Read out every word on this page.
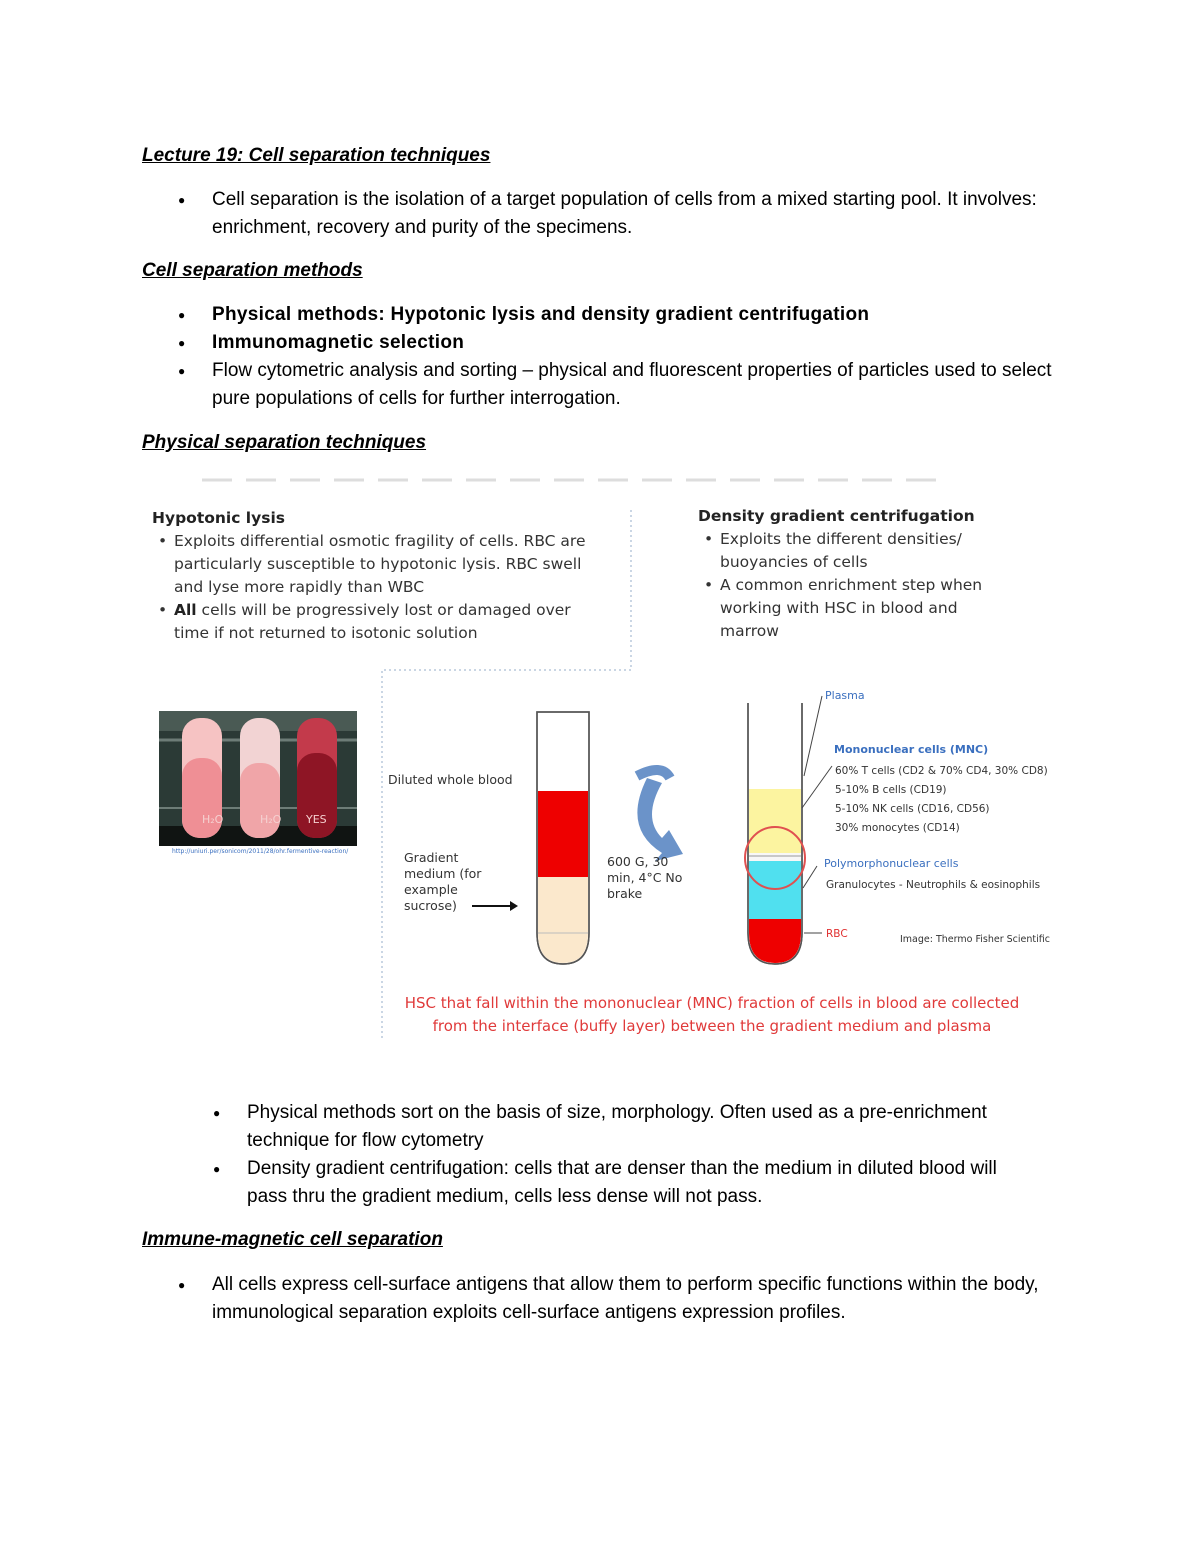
Lecture 19: Cell separation techniques
● Cell separation is the isolation of a target population of cells from a mixed starting pool. It involves: enrichment, recovery and purity of the specimens.
Cell separation methods
● Physical methods: Hypotonic lysis and density gradient centrifugation
● Immunomagnetic selection
● Flow cytometric analysis and sorting – physical and fluorescent properties of particles used to select pure populations of cells for further interrogation.
Physical separation techniques
Hypotonic lysis
• Exploits differential osmotic fragility of cells. RBC are particularly susceptible to hypotonic lysis. RBC swell and lyse more rapidly than WBC
• All cells will be progressively lost or damaged over time if not returned to isotonic solution
Density gradient centrifugation
• Exploits the different densities/ buoyancies of cells
• A common enrichment step when working with HSC in blood and marrow
H₂O	H₂O YES
http://uniuri.per/sonicom/2011/28/ohr.fermentive-reaction/
Diluted whole blood
Gradient medium (for example sucrose)
600 G, 30 min, 4°C No brake
Plasma
Mononuclear cells (MNC)
60% T cells (CD2 & 70% CD4, 30% CD8)
5-10% B cells (CD19)
5-10% NK cells (CD16, CD56)
30% monocytes (CD14)
Polymorphonuclear cells
Granulocytes - Neutrophils & eosinophils
RBC	Image: Thermo Fisher Scientific
HSC that fall within the mononuclear (MNC) fraction of cells in blood are collected
from the interface (buffy layer) between the gradient medium and plasma
● Physical methods sort on the basis of size, morphology. Often used as a pre-enrichment technique for flow cytometry
● Density gradient centrifugation: cells that are denser than the medium in diluted blood will pass thru the gradient medium, cells less dense will not pass.
Immune-magnetic cell separation
● All cells express cell-surface antigens that allow them to perform specific functions within the body, immunological separation exploits cell-surface antigens expression profiles.
